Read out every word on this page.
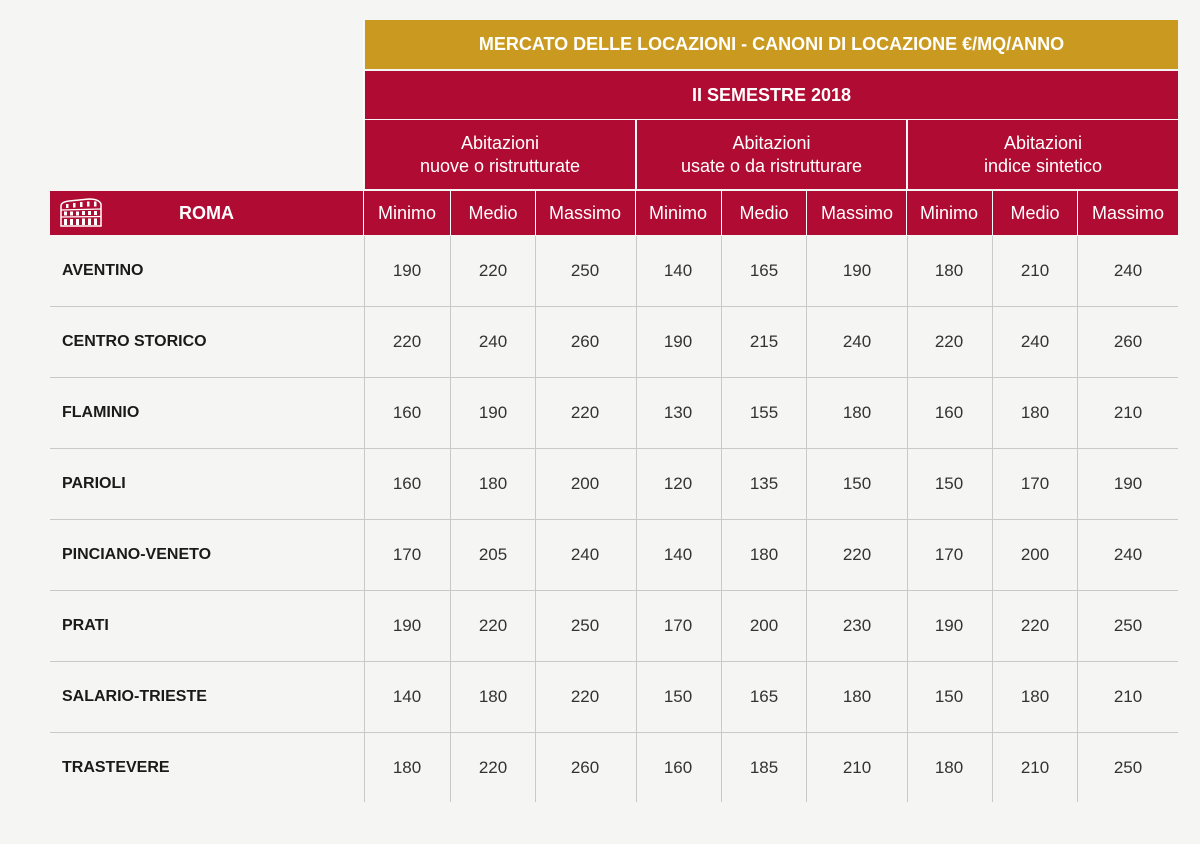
MERCATO DELLE LOCAZIONI - CANONI DI LOCAZIONE €/MQ/ANNO
II SEMESTRE 2018
Abitazioni
nuove o ristrutturate
Abitazioni
usate o da ristrutturare
Abitazioni
indice sintetico
ROMA	Minimo	Medio	Massimo	Minimo	Medio	Massimo	Minimo	Medio	Massimo
AVENTINO	190	220	250	140	165	190	180	210	240
CENTRO STORICO	220	240	260	190	215	240	220	240	260
FLAMINIO	160	190	220	130	155	180	160	180	210
PARIOLI	160	180	200	120	135	150	150	170	190
PINCIANO-VENETO	170	205	240	140	180	220	170	200	240
PRATI	190	220	250	170	200	230	190	220	250
SALARIO-TRIESTE	140	180	220	150	165	180	150	180	210
TRASTEVERE	180	220	260	160	185	210	180	210	250
